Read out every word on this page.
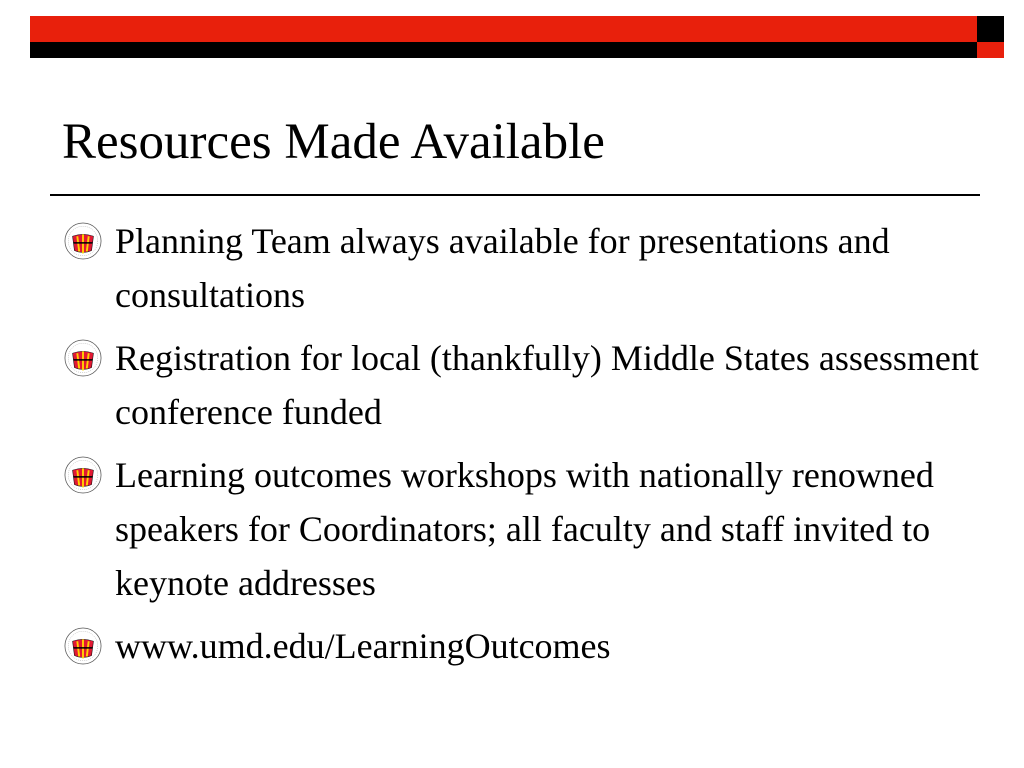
Resources Made Available
Planning Team always available for presentations and consultations
Registration for local (thankfully) Middle States assessment conference funded
Learning outcomes workshops with nationally renowned speakers for Coordinators; all faculty and staff invited to keynote addresses
www.umd.edu/LearningOutcomes
